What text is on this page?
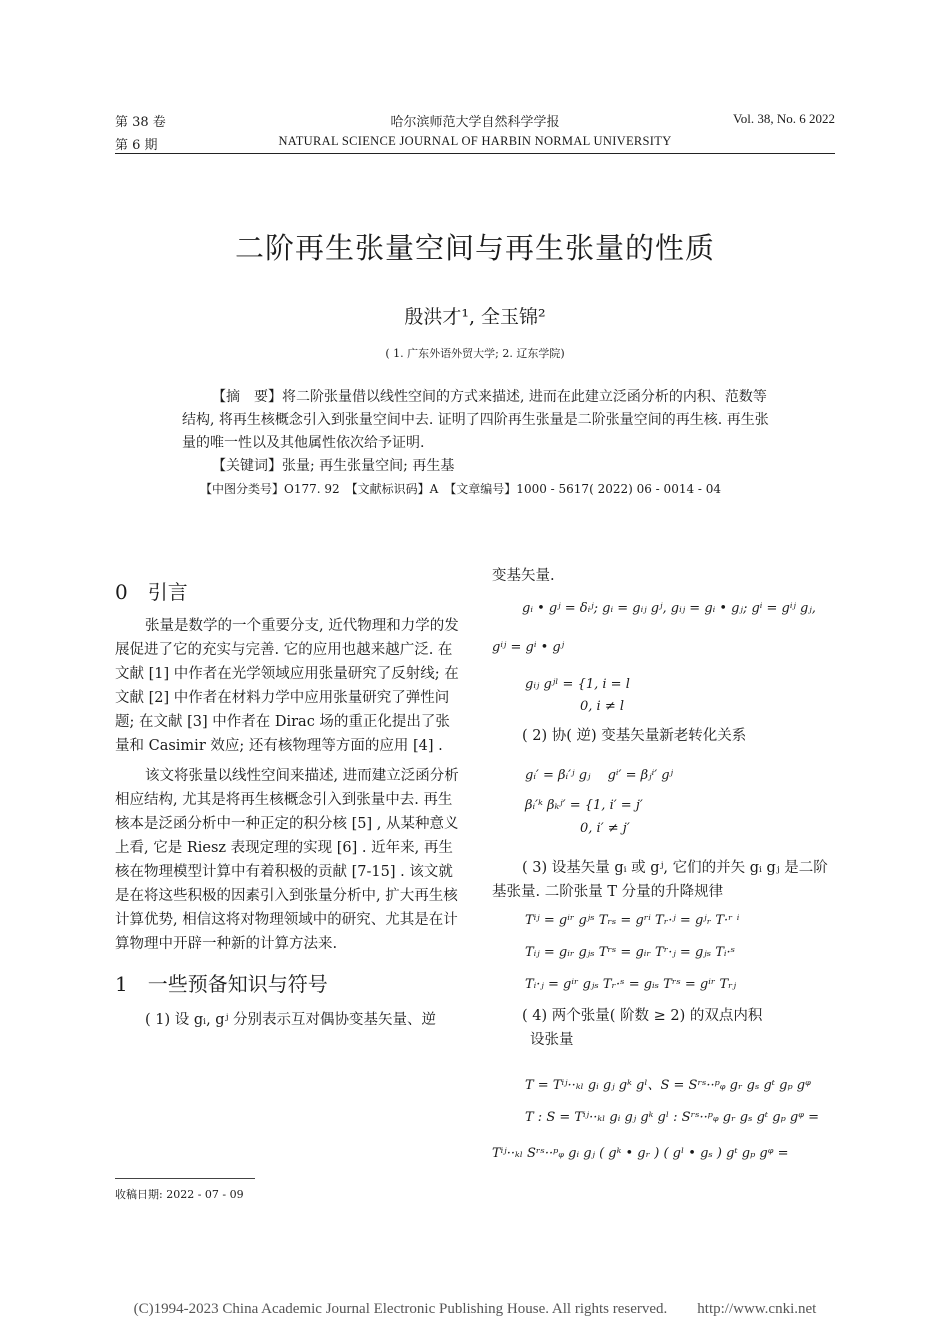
第 38 卷
第 6 期
哈尔滨师范大学自然科学学报
NATURAL SCIENCE JOURNAL OF HARBIN NORMAL UNIVERSITY
Vol. 38, No. 6 2022
二阶再生张量空间与再生张量的性质
殷洪才¹, 全玉锦²
( 1. 广东外语外贸大学; 2. 辽东学院)

【摘　要】将二阶张量借以线性空间的方式来描述, 进而在此建立泛函分析的内积、范数等结构, 将再生核概念引入到张量空间中去. 证明了四阶再生张量是二阶张量空间的再生核. 再生张量的唯一性以及其他属性依次给予证明.

【关键词】张量; 再生张量空间; 再生基

【中图分类号】O177. 92　【文献标识码】A　【文章编号】1000 - 5617( 2022) 06 - 0014 - 04

0　引言

张量是数学的一个重要分支, 近代物理和力学的发展促进了它的充实与完善. 它的应用也越来越广泛. 在文献 [1] 中作者在光学领域应用张量研究了反射线; 在文献 [2] 中作者在材料力学中应用张量研究了弹性问题; 在文献 [3] 中作者在 Dirac 场的重正化提出了张量和 Casimir 效应; 还有核物理等方面的应用 [4] .

该文将张量以线性空间来描述, 进而建立泛函分析相应结构, 尤其是将再生核概念引入到张量中去. 再生核本是泛函分析中一种正定的积分核 [5] , 从某种意义上看, 它是 Riesz 表现定理的实现 [6] . 近年来, 再生核在物理模型计算中有着积极的贡献 [7-15] . 该文就是在将这些积极的因素引入到张量分析中, 扩大再生核计算优势, 相信这将对物理领域中的研究、尤其是在计算物理中开辟一种新的计算方法来.

1　一些预备知识与符号

( 1) 设 gᵢ, gʲ 分别表示互对偶协变基矢量、逆

收稿日期: 2022 - 07 - 09

变基矢量.

gᵢ • gʲ = δᵢʲ; gᵢ = gᵢⱼ gʲ, gᵢⱼ = gᵢ • gⱼ; gⁱ = gⁱʲ gⱼ,
gⁱʲ = gⁱ • gʲ
gᵢⱼ gʲˡ = {1, i = l
0, i ≠ l

( 2) 协( 逆) 变基矢量新老转化关系

gᵢ′ = βᵢ′ʲ gⱼ　 gⁱ′ = βⱼⁱ′ gʲ
βᵢ′ᵏ βₖʲ′ = {1, i′ = j′
0, i′ ≠ j′

( 3) 设基矢量 gᵢ 或 gʲ, 它们的并矢 gᵢ gⱼ 是二阶基张量. 二阶张量 T 分量的升降规律

Tⁱʲ = gⁱʳ gʲˢ Tᵣₛ = gʳⁱ Tᵣ·ʲ = gʲᵣ T·ʳ ⁱ
Tᵢⱼ = gᵢᵣ gⱼₛ Tʳˢ = gᵢᵣ Tʳ·ⱼ = gⱼₛ Tᵢ·ˢ
Tᵢ·ⱼ = gⁱʳ gⱼₛ Tᵣ·ˢ = gᵢₛ Tʳˢ = gⁱʳ Tᵣⱼ

( 4) 两个张量( 阶数 ≥ 2) 的双点内积

设张量

T = Tⁱʲ··ₖₗ gᵢ gⱼ gᵏ gˡ、S = Sʳˢ··ᵖᵩ gᵣ gₛ gᵗ gₚ gᵠ
T : S = Tⁱʲ··ₖₗ gᵢ gⱼ gᵏ gˡ : Sʳˢ··ᵖᵩ gᵣ gₛ gᵗ gₚ gᵠ =
Tⁱʲ··ₖₗ Sʳˢ··ᵖᵩ gᵢ gⱼ ( gᵏ • gᵣ ) ( gˡ • gₛ ) gᵗ gₚ gᵠ =
(C)1994-2023 China Academic Journal Electronic Publishing House. All rights reserved.　　http://www.cnki.net
